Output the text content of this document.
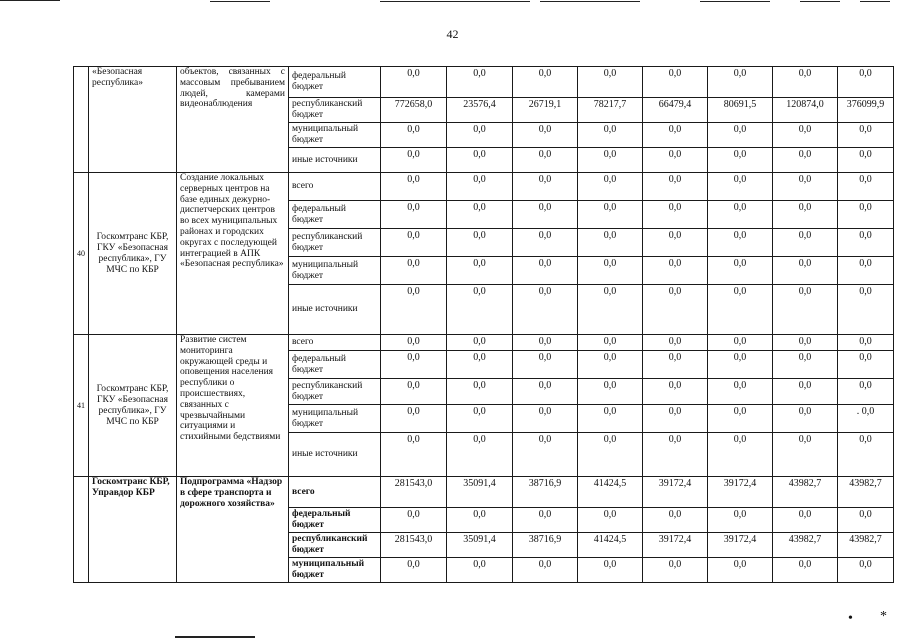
42
• *
	«Безопасная республика»	объектов, связанных с массовым пребыванием людей, камерами видеонаблюдения	федеральный бюджет	0,0	0,0	0,0	0,0	0,0	0,0	0,0	0,0
			республиканский бюджет	772658,0	23576,4	26719,1	78217,7	66479,4	80691,5	120874,0	376099,9
			муниципальный бюджет	0,0	0,0	0,0	0,0	0,0	0,0	0,0	0,0
			иные источники	0,0	0,0	0,0	0,0	0,0	0,0	0,0	0,0
40	Госкомтранс КБР, ГКУ «Безопасная республика», ГУ МЧС по КБР	Создание локальных серверных центров на базе единых дежурно-диспетчерских центров во всех муниципальных районах и городских округах с последующей интеграцией в АПК «Безопасная республика»	всего	0,0	0,0	0,0	0,0	0,0	0,0	0,0	0,0
			федеральный бюджет	0,0	0,0	0,0	0,0	0,0	0,0	0,0	0,0
			республиканский бюджет	0,0	0,0	0,0	0,0	0,0	0,0	0,0	0,0
			муниципальный бюджет	0,0	0,0	0,0	0,0	0,0	0,0	0,0	0,0
			иные источники	0,0	0,0	0,0	0,0	0,0	0,0	0,0	0,0
41	Госкомтранс КБР, ГКУ «Безопасная республика», ГУ МЧС по КБР	Развитие систем мониторинга окружающей среды и оповещения населения республики о происшествиях, связанных с чрезвычайными ситуациями и стихийными бедствиями	всего	0,0	0,0	0,0	0,0	0,0	0,0	0,0	0,0
			федеральный бюджет	0,0	0,0	0,0	0,0	0,0	0,0	0,0	0,0
			республиканский бюджет	0,0	0,0	0,0	0,0	0,0	0,0	0,0	0,0
			муниципальный бюджет	0,0	0,0	0,0	0,0	0,0	0,0	0,0	. 0,0
			иные источники	0,0	0,0	0,0	0,0	0,0	0,0	0,0	0,0
	Госкомтранс КБР, Управдор КБР	Подпрограмма «Надзор в сфере транспорта и дорожного хозяйства»	всего	281543,0	35091,4	38716,9	41424,5	39172,4	39172,4	43982,7	43982,7
			федеральный бюджет	0,0	0,0	0,0	0,0	0,0	0,0	0,0	0,0
			республиканский бюджет	281543,0	35091,4	38716,9	41424,5	39172,4	39172,4	43982,7	43982,7
			муниципальный бюджет	0,0	0,0	0,0	0,0	0,0	0,0	0,0	0,0
